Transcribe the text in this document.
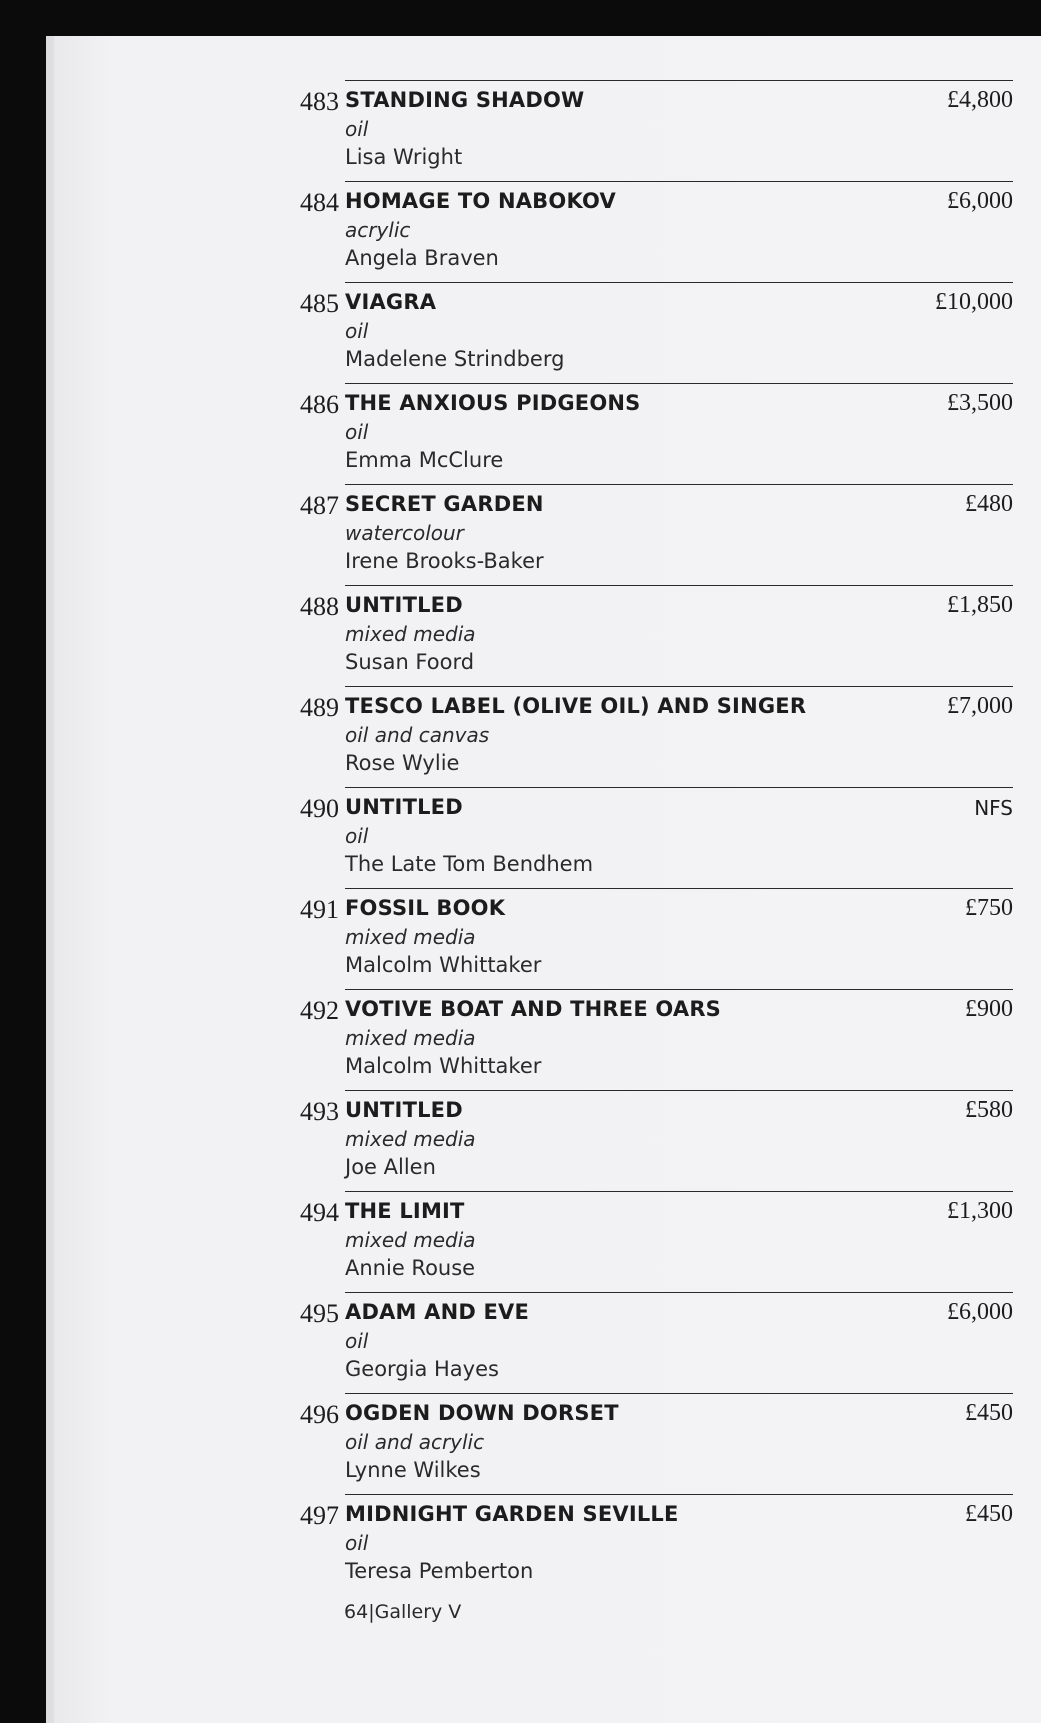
483 STANDING SHADOW
oil
Lisa Wright
£4,800
484 HOMAGE TO NABOKOV
acrylic
Angela Braven
£6,000
485 VIAGRA
oil
Madelene Strindberg
£10,000
486 THE ANXIOUS PIDGEONS
oil
Emma McClure
£3,500
487 SECRET GARDEN
watercolour
Irene Brooks-Baker
£480
488 UNTITLED
mixed media
Susan Foord
£1,850
489 TESCO LABEL (OLIVE OIL) AND SINGER
oil and canvas
Rose Wylie
£7,000
490 UNTITLED
oil
The Late Tom Bendhem
NFS
491 FOSSIL BOOK
mixed media
Malcolm Whittaker
£750
492 VOTIVE BOAT AND THREE OARS
mixed media
Malcolm Whittaker
£900
493 UNTITLED
mixed media
Joe Allen
£580
494 THE LIMIT
mixed media
Annie Rouse
£1,300
495 ADAM AND EVE
oil
Georgia Hayes
£6,000
496 OGDEN DOWN DORSET
oil and acrylic
Lynne Wilkes
£450
497 MIDNIGHT GARDEN SEVILLE
oil
Teresa Pemberton
£450
64|Gallery V
